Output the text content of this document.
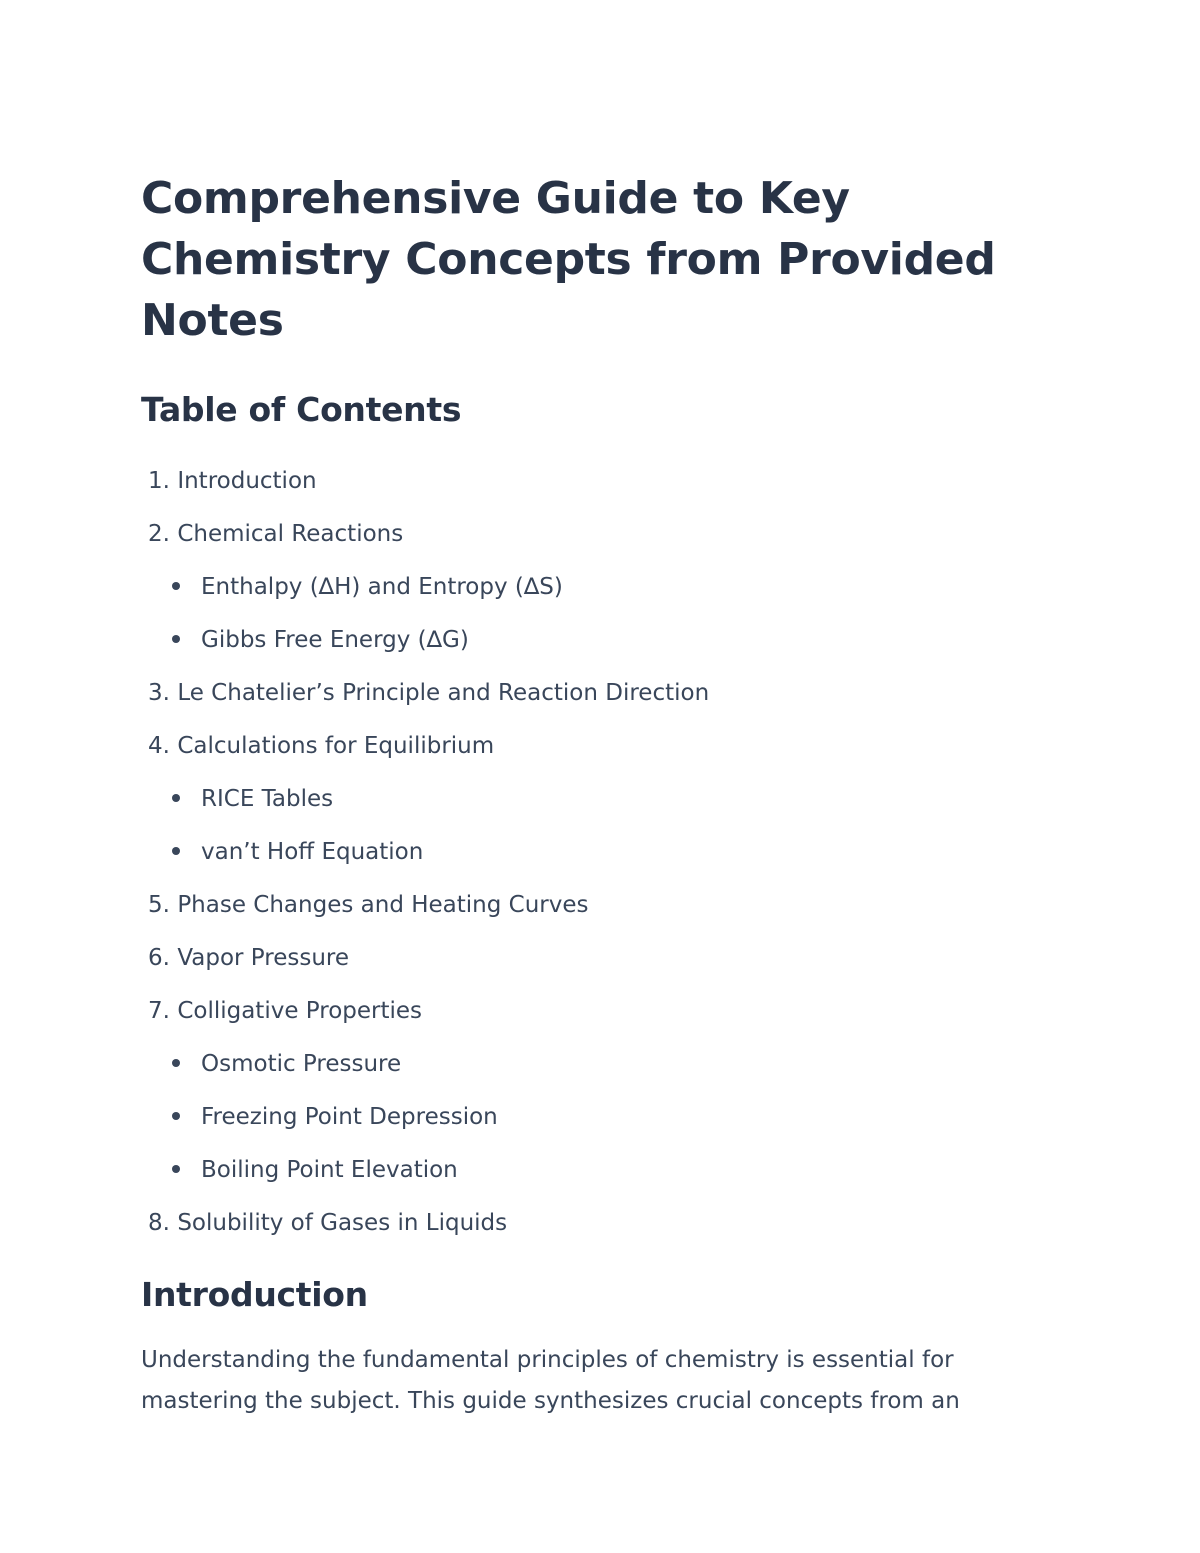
Comprehensive Guide to Key Chemistry Concepts from Provided Notes
Table of Contents
1. Introduction
2. Chemical Reactions
Enthalpy (∆H) and Entropy (∆S)
Gibbs Free Energy (∆G)
3. Le Chatelier’s Principle and Reaction Direction
4. Calculations for Equilibrium
RICE Tables
van’t Hoff Equation
5. Phase Changes and Heating Curves
6. Vapor Pressure
7. Colligative Properties
Osmotic Pressure
Freezing Point Depression
Boiling Point Elevation
8. Solubility of Gases in Liquids
Introduction

Understanding the fundamental principles of chemistry is essential for mastering the subject. This guide synthesizes crucial concepts from an
